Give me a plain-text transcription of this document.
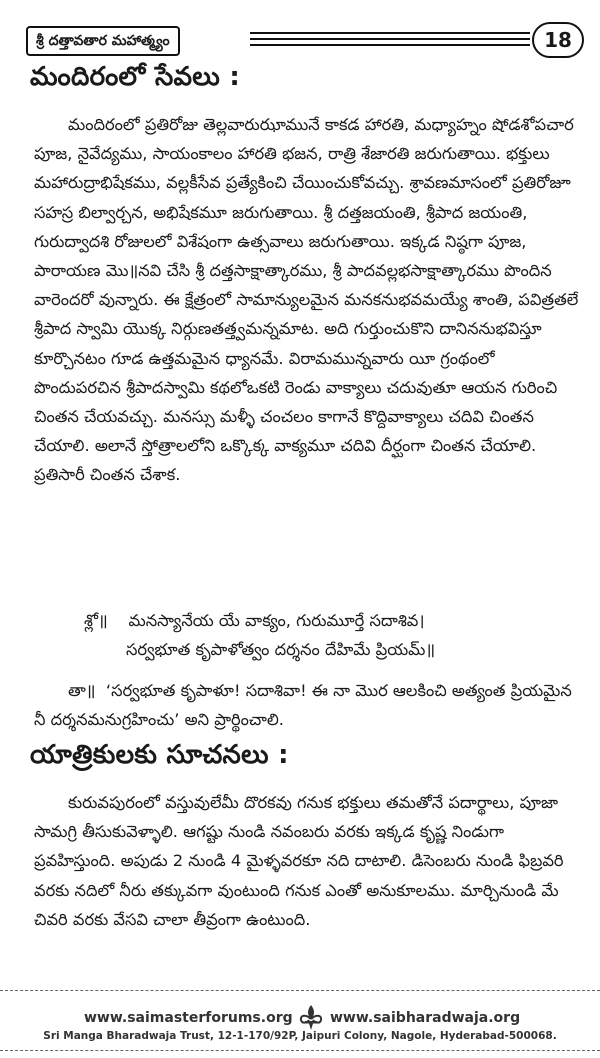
శ్రీ దత్తావతార మహాత్మ్యం	18
మందిరంలో సేవలు :

మందిరంలో ప్రతిరోజు తెల్లవారుఝామునే కాకడ హారతి, మధ్యాహ్నం షోడశోపచార పూజ, నైవేద్యము, సాయంకాలం హారతి భజన, రాత్రి శేజారతి జరుగుతాయి. భక్తులు మహారుద్రాభిషేకము, వల్లకీసేవ ప్రత్యేకించి చేయించుకోవచ్చు. శ్రావణమాసంలో ప్రతిరోజూ సహస్ర బిల్వార్చన, అభిషేకమూ జరుగుతాయి. శ్రీ దత్తజయంతి, శ్రీపాద జయంతి, గురుద్వాదశి రోజులలో విశేషంగా ఉత్సవాలు జరుగుతాయి. ఇక్కడ నిష్ఠగా పూజ, పారాయణ మొ॥నవి చేసి శ్రీ దత్తసాక్షాత్కారము, శ్రీ పాదవల్లభసాక్షాత్కారము పొందిన వారెందరో వున్నారు. ఈ క్షేత్రంలో సామాన్యులమైన మనకనుభవమయ్యే శాంతి, పవిత్రతలే శ్రీపాద స్వామి యొక్క నిర్గుణతత్త్వమన్నమాట. అది గుర్తుంచుకొని దానిననుభవిస్తూ కూర్చొనటం గూడ ఉత్తమమైన ధ్యానమే. విరామమున్నవారు యీ గ్రంథంలో పొందుపరచిన శ్రీపాదస్వామి కథలోఒకటి రెండు వాక్యాలు చదువుతూ ఆయన గురించి చింతన చేయవచ్చు. మనస్సు మళ్ళీ చంచలం కాగానే కొద్దివాక్యాలు చదివి చింతన చేయాలి. అలానే స్తోత్రాలలోని ఒక్కొక్క వాక్యమూ చదివి దీర్ఘంగా చింతన చేయాలి. ప్రతిసారీ చింతన చేశాక.

శ్లో॥ మనస్యానేయ యే వాక్యం, గురుమూర్తే సదాశివ।
సర్వభూత కృపాళోత్వం దర్శనం దేహిమే ప్రియమ్॥

తా॥ ‘సర్వభూత కృపాళూ! సదాశివా! ఈ నా మొర ఆలకించి అత్యంత ప్రియమైన నీ దర్శనమనుగ్రహించు’ అని ప్రార్థించాలి.

యాత్రికులకు సూచనలు :

కురువపురంలో వస్తువులేమీ దొరకవు గనుక భక్తులు తమతోనే పదార్థాలు, పూజా సామగ్రి తీసుకువెళ్ళాలి. ఆగష్టు నుండి నవంబరు వరకు ఇక్కడ కృష్ణ నిండుగా ప్రవహిస్తుంది. అపుడు 2 నుండి 4 మైళ్ళవరకూ నది దాటాలి. డిసెంబరు నుండి ఫిబ్రవరి వరకు నదిలో నీరు తక్కువగా వుంటుంది గనుక ఎంతో అనుకూలము. మార్చినుండి మే చివరి వరకు వేసవి చాలా తీవ్రంగా ఉంటుంది.

www.saimasterforums.org	www.saibharadwaja.org
Sri Manga Bharadwaja Trust, 12-1-170/92P, Jaipuri Colony, Nagole, Hyderabad-500068.
